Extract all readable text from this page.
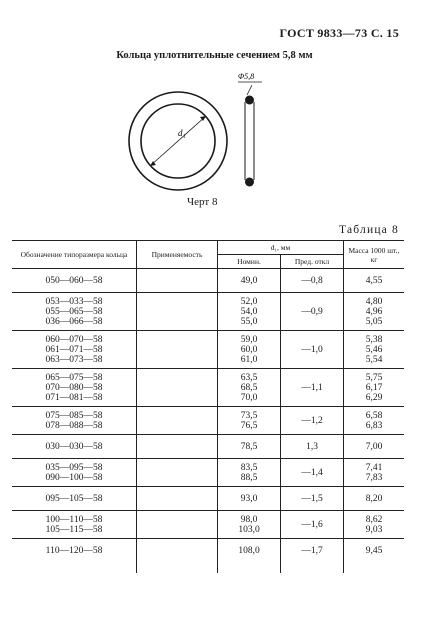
ГОСТ 9833—73 С. 15
Кольца уплотнительные сечением 5,8 мм
d₁
Φ5,8
Черт 8
Таблица 8
Обозначение типоразмера кольца	Применяемость	d₁, мм		Масса 1000 шт., кг
		Номин.	Пред. откл	

050—060—58		49,0	—0,8	4,55

053—033—58
055—065—58
036—066—58		52,0
54,0
55,0	—0,9	4,80
4,96
5,05

060—070—58
061—071—58
063—073—58		59,0
60,0
61,0	—1,0	5,38
5,46
5,54

065—075—58
070—080—58
071—081—58		63,5
68,5
70,0	—1,1	5,75
6,17
6,29

075—085—58
078—088—58		73,5
76,5	—1,2	6,58
6,83

030—030—58		78,5	1,3	7,00

035—095—58
090—100—58		83,5
88,5	—1,4	7,41
7,83

095—105—58		93,0	—1,5	8,20

100—110—58
105—115—58		98,0
103,0	—1,6	8,62
9,03

110—120—58		108,0	—1,7	9,45
